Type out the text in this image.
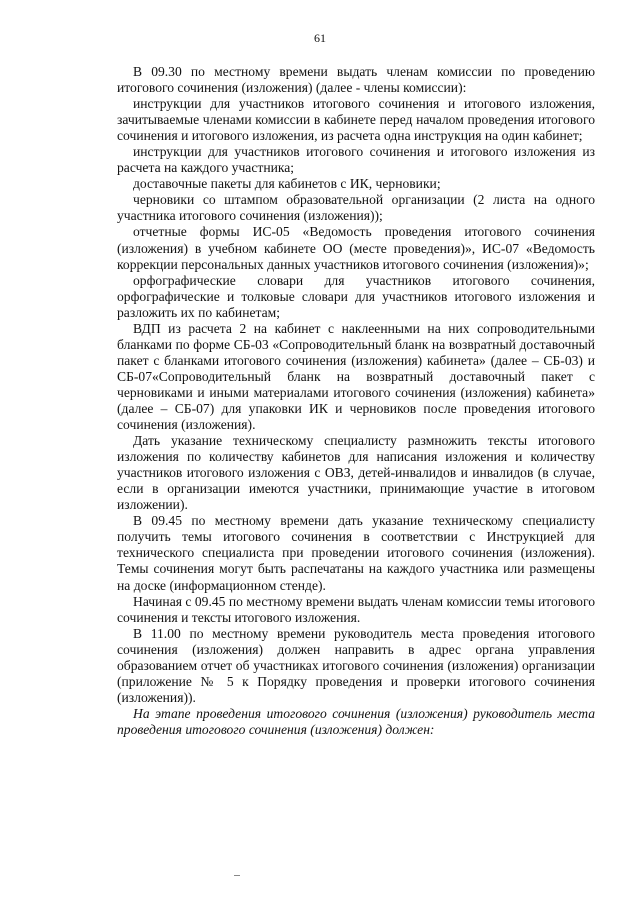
61

В 09.30 по местному времени выдать членам комиссии по проведению итогового сочинения (изложения) (далее - члены комиссии):

инструкции для участников итогового сочинения и итогового изложения, зачитываемые членами комиссии в кабинете перед началом проведения итогового сочинения и итогового изложения, из расчета одна инструкция на один кабинет;

инструкции для участников итогового сочинения и итогового изложения из расчета на каждого участника;

доставочные пакеты для кабинетов с ИК, черновики;

черновики со штампом образовательной организации (2 листа на одного участника итогового сочинения (изложения));

отчетные формы ИС-05 «Ведомость проведения итогового сочинения (изложения) в учебном кабинете ОО (месте проведения)», ИС-07 «Ведомость коррекции персональных данных участников итогового сочинения (изложения)»;

орфографические словари для участников итогового сочинения, орфографические и толковые словари для участников итогового изложения и разложить их по кабинетам;

ВДП из расчета 2 на кабинет с наклеенными на них сопроводительными бланками по форме СБ-03 «Сопроводительный бланк на возвратный доставочный пакет с бланками итогового сочинения (изложения) кабинета» (далее – СБ-03) и СБ-07«Сопроводительный бланк на возвратный доставочный пакет с черновиками и иными материалами итогового сочинения (изложения) кабинета» (далее – СБ-07) для упаковки ИК и черновиков после проведения итогового сочинения (изложения).

Дать указание техническому специалисту размножить тексты итогового изложения по количеству кабинетов для написания изложения и количеству участников итогового изложения с ОВЗ, детей-инвалидов и инвалидов (в случае, если в организации имеются участники, принимающие участие в итоговом изложении).

В 09.45 по местному времени дать указание техническому специалисту получить темы итогового сочинения в соответствии с Инструкцией для технического специалиста при проведении итогового сочинения (изложения). Темы сочинения могут быть распечатаны на каждого участника или размещены на доске (информационном стенде).

Начиная с 09.45 по местному времени выдать членам комиссии темы итогового сочинения и тексты итогового изложения.

В 11.00 по местному времени руководитель места проведения итогового сочинения (изложения) должен направить в адрес органа управления образованием отчет об участниках итогового сочинения (изложения) организации (приложение № 5 к Порядку проведения и проверки итогового сочинения (изложения)).

На этапе проведения итогового сочинения (изложения) руководитель места проведения итогового сочинения (изложения) должен:
